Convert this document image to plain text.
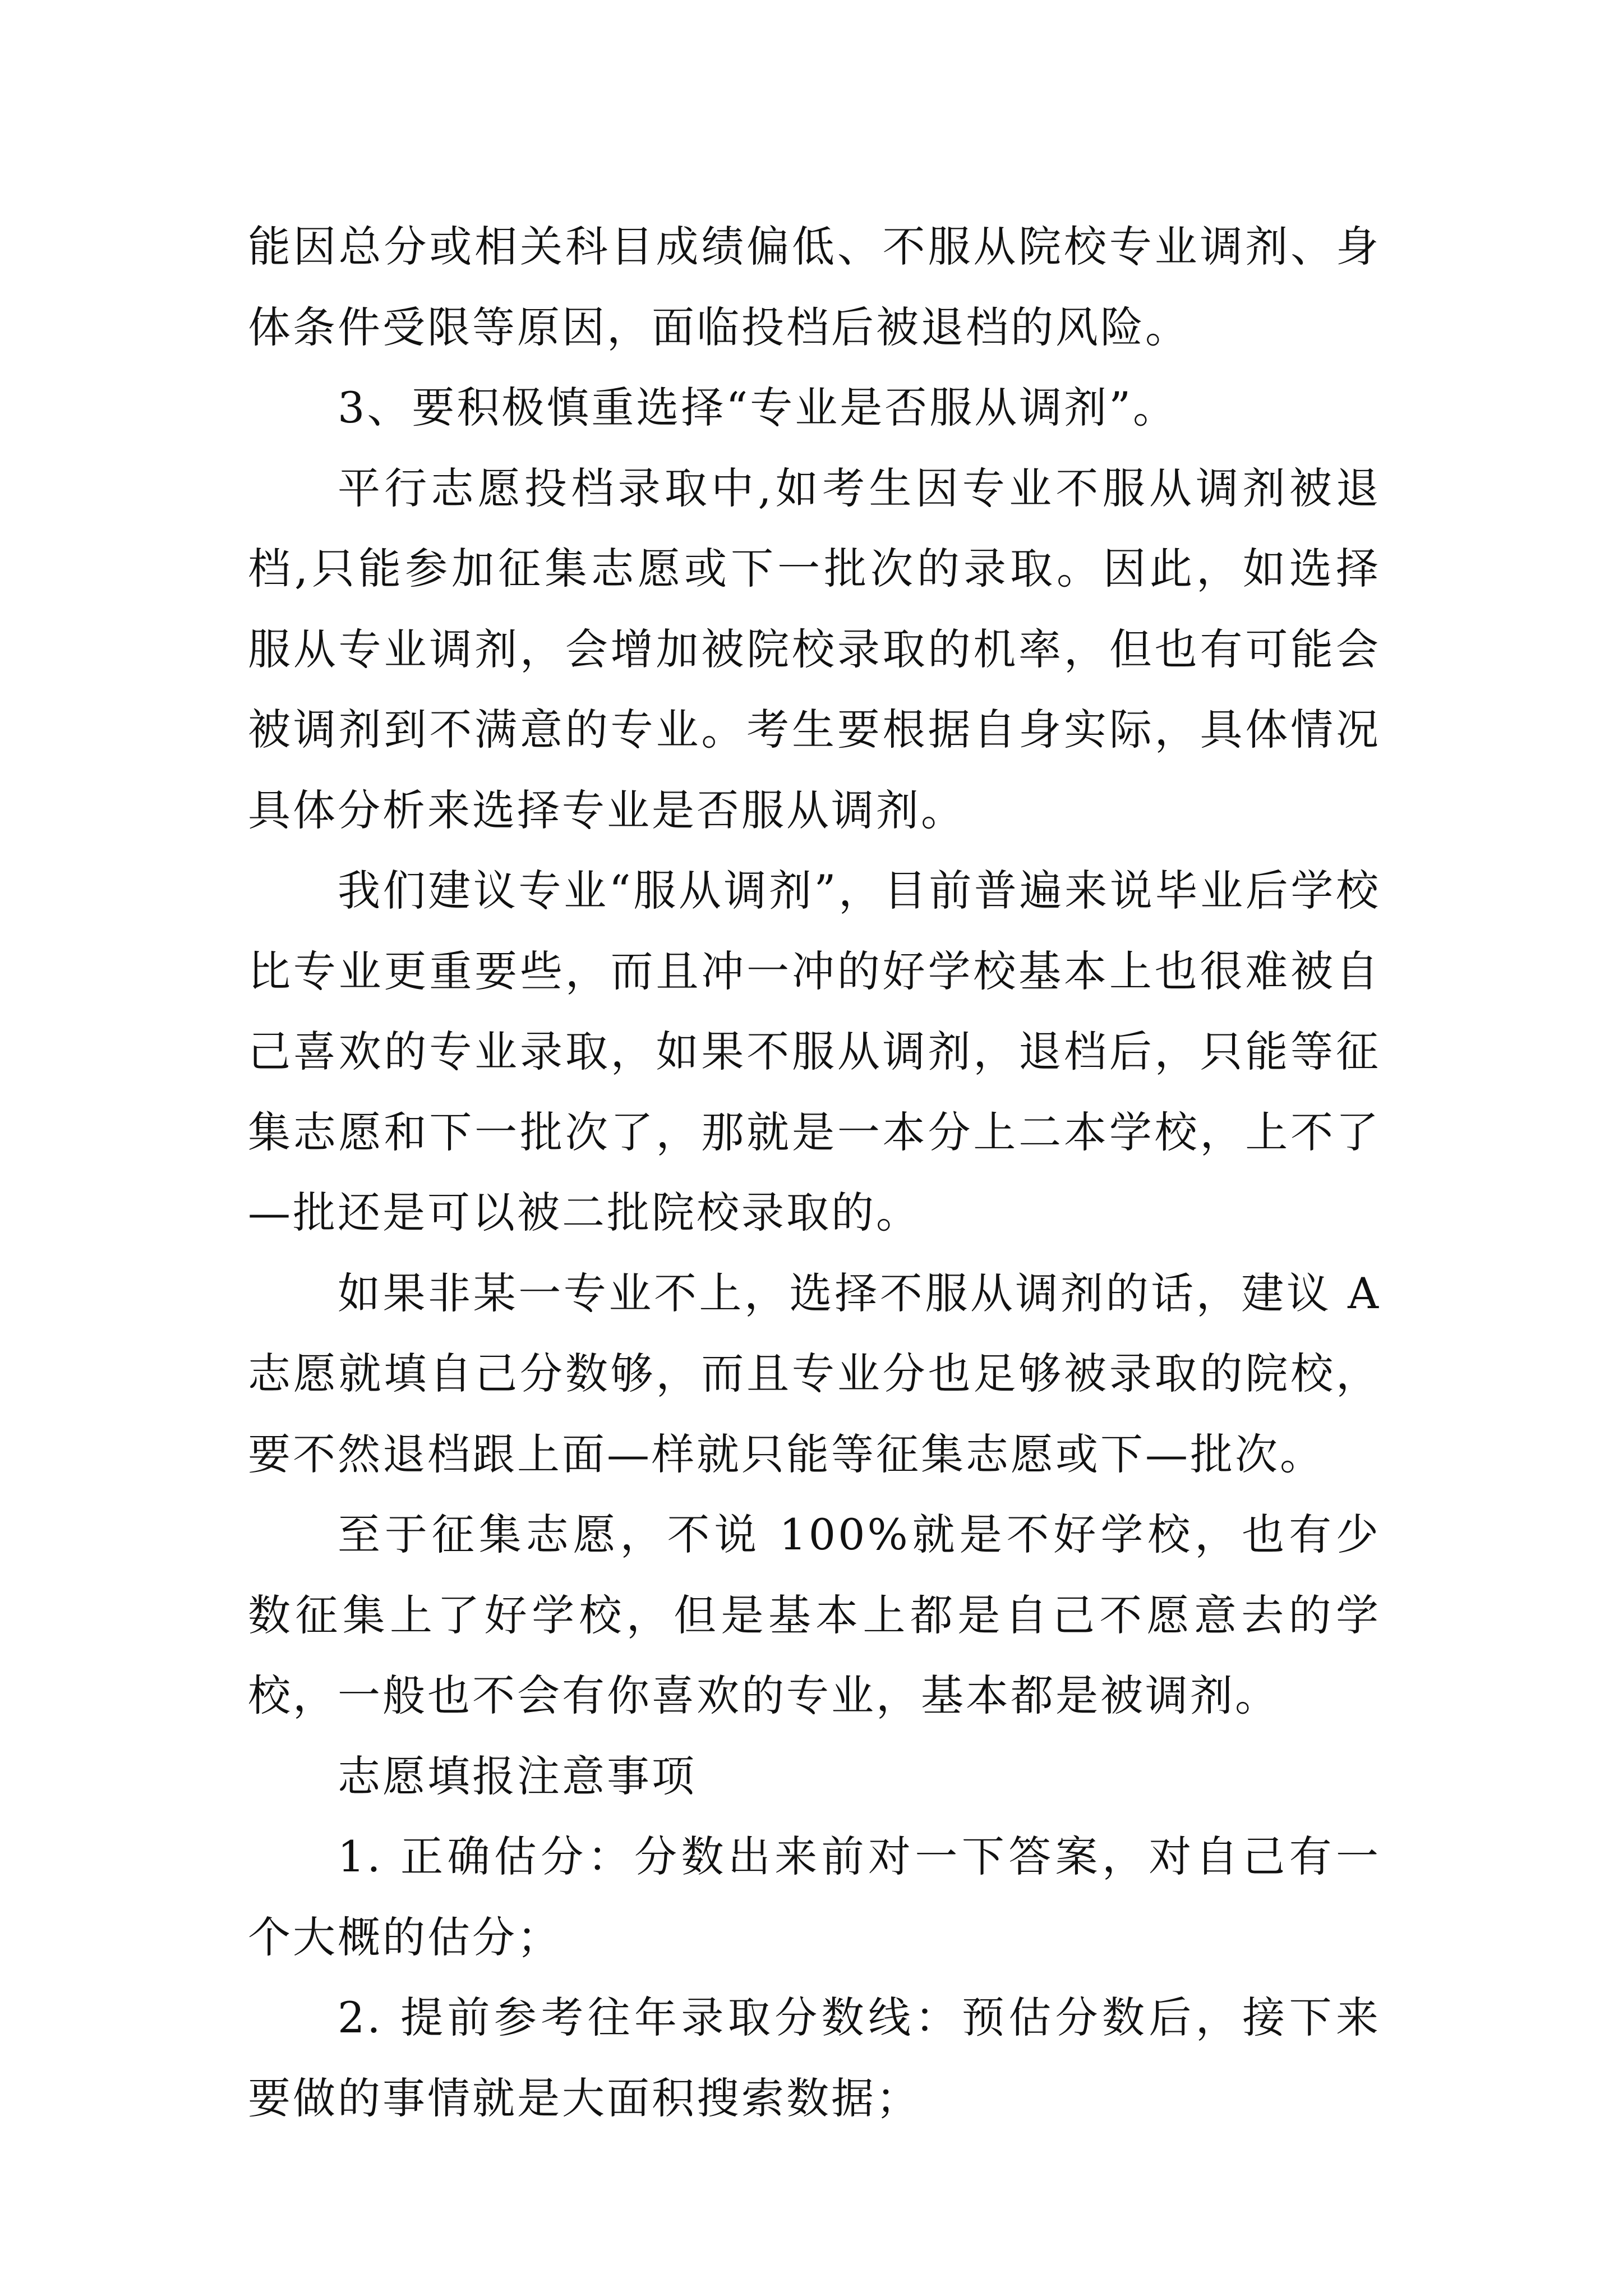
能因总分或相关科目成绩偏低、不服从院校专业调剂、身体条件受限等原因，面临投档后被退档的风险。

3、要积极慎重选择“专业是否服从调剂”。

平行志愿投档录取中,如考生因专业不服从调剂被退档,只能参加征集志愿或下一批次的录取。因此，如选择服从专业调剂，会增加被院校录取的机率，但也有可能会被调剂到不满意的专业。考生要根据自身实际，具体情况具体分析来选择专业是否服从调剂。

我们建议专业“服从调剂”，目前普遍来说毕业后学校比专业更重要些，而且冲一冲的好学校基本上也很难被自己喜欢的专业录取，如果不服从调剂，退档后，只能等征集志愿和下一批次了，那就是一本分上二本学校，上不了—批还是可以被二批院校录取的。

如果非某一专业不上，选择不服从调剂的话，建议 A 志愿就填自己分数够，而且专业分也足够被录取的院校，要不然退档跟上面—样就只能等征集志愿或下—批次。

至于征集志愿，不说 100%就是不好学校，也有少数征集上了好学校，但是基本上都是自己不愿意去的学校，一般也不会有你喜欢的专业，基本都是被调剂。

志愿填报注意事项

1. 正确估分：分数出来前对一下答案，对自己有一个大概的估分；

2. 提前参考往年录取分数线：预估分数后，接下来要做的事情就是大面积搜索数据；
